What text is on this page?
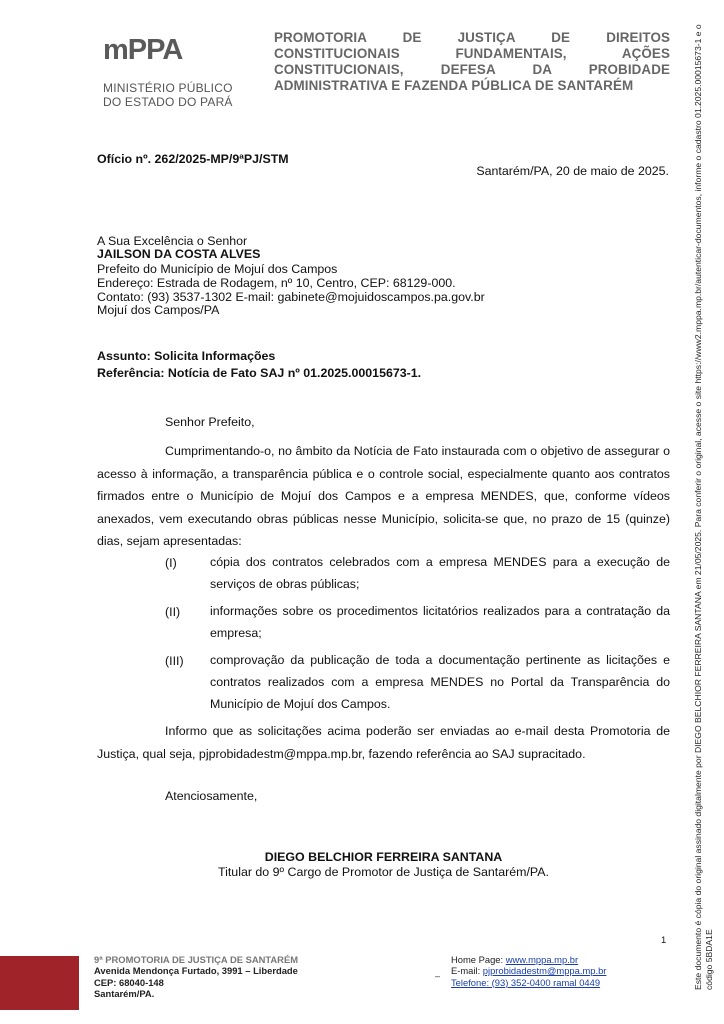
mPPA
MINISTÉRIO PÚBLICO
DO ESTADO DO PARÁ
PROMOTORIA DE JUSTIÇA DE DIREITOS CONSTITUCIONAIS FUNDAMENTAIS, AÇÕES CONSTITUCIONAIS, DEFESA DA PROBIDADE ADMINISTRATIVA E FAZENDA PÚBLICA DE SANTARÉM
Ofício nº. 262/2025-MP/9ªPJ/STM
Santarém/PA, 20 de maio de 2025.
A Sua Excelência o Senhor
JAILSON DA COSTA ALVES
Prefeito do Município de Mojuí dos Campos
Endereço: Estrada de Rodagem, nº 10, Centro, CEP: 68129-000.
Contato: (93) 3537-1302 E-mail: gabinete@mojuidoscampos.pa.gov.br
Mojuí dos Campos/PA
Assunto: Solicita Informações
Referência: Notícia de Fato SAJ nº 01.2025.00015673-1.
Senhor Prefeito,
Cumprimentando-o, no âmbito da Notícia de Fato instaurada com o objetivo de assegurar o acesso à informação, a transparência pública e o controle social, especialmente quanto aos contratos firmados entre o Município de Mojuí dos Campos e a empresa MENDES, que, conforme vídeos anexados, vem executando obras públicas nesse Município, solicita-se que, no prazo de 15 (quinze) dias, sejam apresentadas:
(I)	cópia dos contratos celebrados com a empresa MENDES para a execução de serviços de obras públicas;
(II) informações sobre os procedimentos licitatórios realizados para a contratação da empresa;
(III) comprovação da publicação de toda a documentação pertinente as licitações e contratos realizados com a empresa MENDES no Portal da Transparência do Município de Mojuí dos Campos.
Informo que as solicitações acima poderão ser enviadas ao e-mail desta Promotoria de Justiça, qual seja, pjprobidadestm@mppa.mp.br, fazendo referência ao SAJ supracitado.
Atenciosamente,
DIEGO BELCHIOR FERREIRA SANTANA
Titular do 9º Cargo de Promotor de Justiça de Santarém/PA.	Este documento é cópia do original assinado digitalmente por DIEGO BELCHIOR FERREIRA SANTANA em 21/05/2025. Para conferir o original, acesse o site https://www2.mppa.mp.br/autenticar-documentos, informe o cadastro 01.2025.00015673-1 e o código 5BDA1E
1
9ª PROMOTORIA DE JUSTIÇA DE SANTARÉM
Avenida Mendonça Furtado, 3991 – Liberdade
CEP: 68040-148
Santarém/PA.
–
Home Page: www.mppa.mp.br
E-mail: pjprobidadestm@mppa.mp.br
Telefone: (93) 352-0400 ramal 0449
